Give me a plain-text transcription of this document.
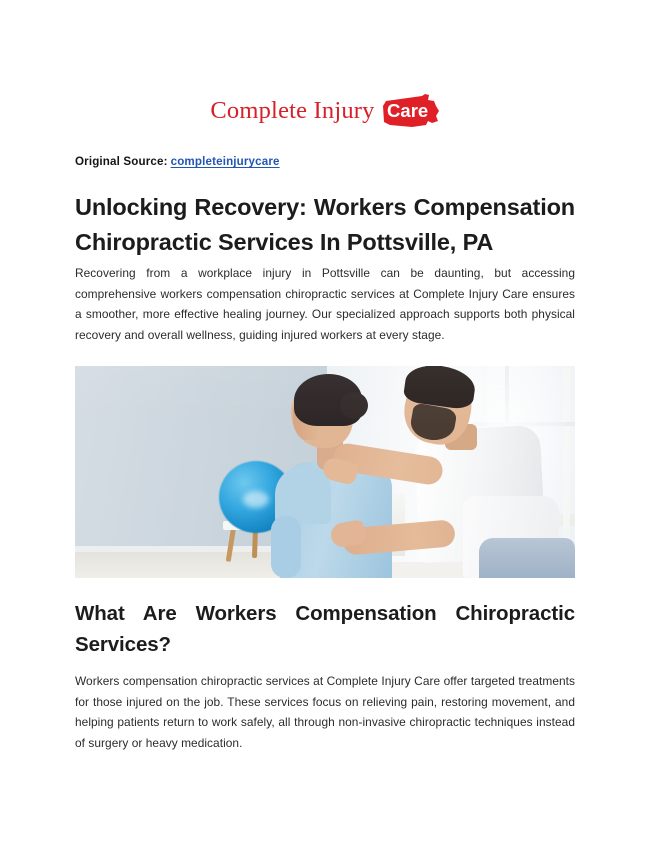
Complete Injury Care
Original Source: completeinjurycare
Unlocking Recovery: Workers Compensation Chiropractic Services In Pottsville, PA

Recovering from a workplace injury in Pottsville can be daunting, but accessing comprehensive workers compensation chiropractic services at Complete Injury Care ensures a smoother, more effective healing journey. Our specialized approach supports both physical recovery and overall wellness, guiding injured workers at every stage.

What Are Workers Compensation Chiropractic Services?

Workers compensation chiropractic services at Complete Injury Care offer targeted treatments for those injured on the job. These services focus on relieving pain, restoring movement, and helping patients return to work safely, all through non-invasive chiropractic techniques instead of surgery or heavy medication.
